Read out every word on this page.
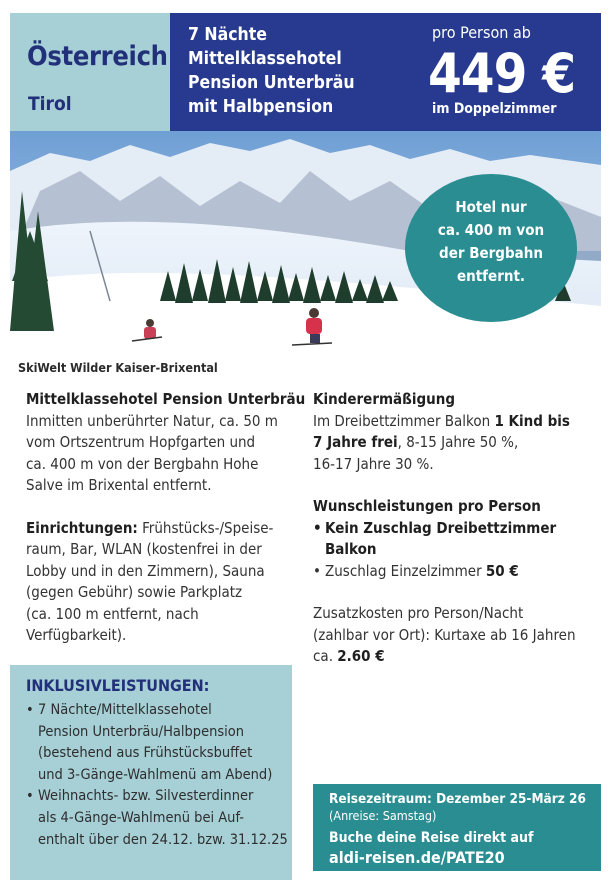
Österreich
Tirol
7 Nächte
Mittelklassehotel
Pension Unterbräu
mit Halbpension
pro Person ab
449 €
im Doppelzimmer
SkiWelt Wilder Kaiser-Brixental
Hotel nur
ca. 400 m von
der Bergbahn
entfernt.
Mittelklassehotel Pension Unterbräu
Inmitten unberührter Natur, ca. 50 m
vom Ortszentrum Hopfgarten und
ca. 400 m von der Bergbahn Hohe
Salve im Brixental entfernt.
Einrichtungen: Frühstücks-/Speise-
raum, Bar, WLAN (kostenfrei in der
Lobby und in den Zimmern), Sauna
(gegen Gebühr) sowie Parkplatz
(ca. 100 m entfernt, nach
Verfügbarkeit).
INKLUSIVLEISTUNGEN:
• 7 Nächte/Mittelklassehotel
Pension Unterbräu/Halbpension
(bestehend aus Frühstücksbuffet
und 3-Gänge-Wahlmenü am Abend)
• Weihnachts- bzw. Silvesterdinner
als 4-Gänge-Wahlmenü bei Auf-
enthalt über den 24.12. bzw. 31.12.25
Kinderermäßigung
Im Dreibettzimmer Balkon 1 Kind bis
7 Jahre frei, 8-15 Jahre 50 %,
16-17 Jahre 30 %.
Wunschleistungen pro Person
• Kein Zuschlag Dreibettzimmer
Balkon
• Zuschlag Einzelzimmer 50 €
Zusatzkosten pro Person/Nacht
(zahlbar vor Ort): Kurtaxe ab 16 Jahren
ca. 2.60 €
Reisezeitraum: Dezember 25-März 26
(Anreise: Samstag)
Buche deine Reise direkt auf
aldi-reisen.de/PATE20
